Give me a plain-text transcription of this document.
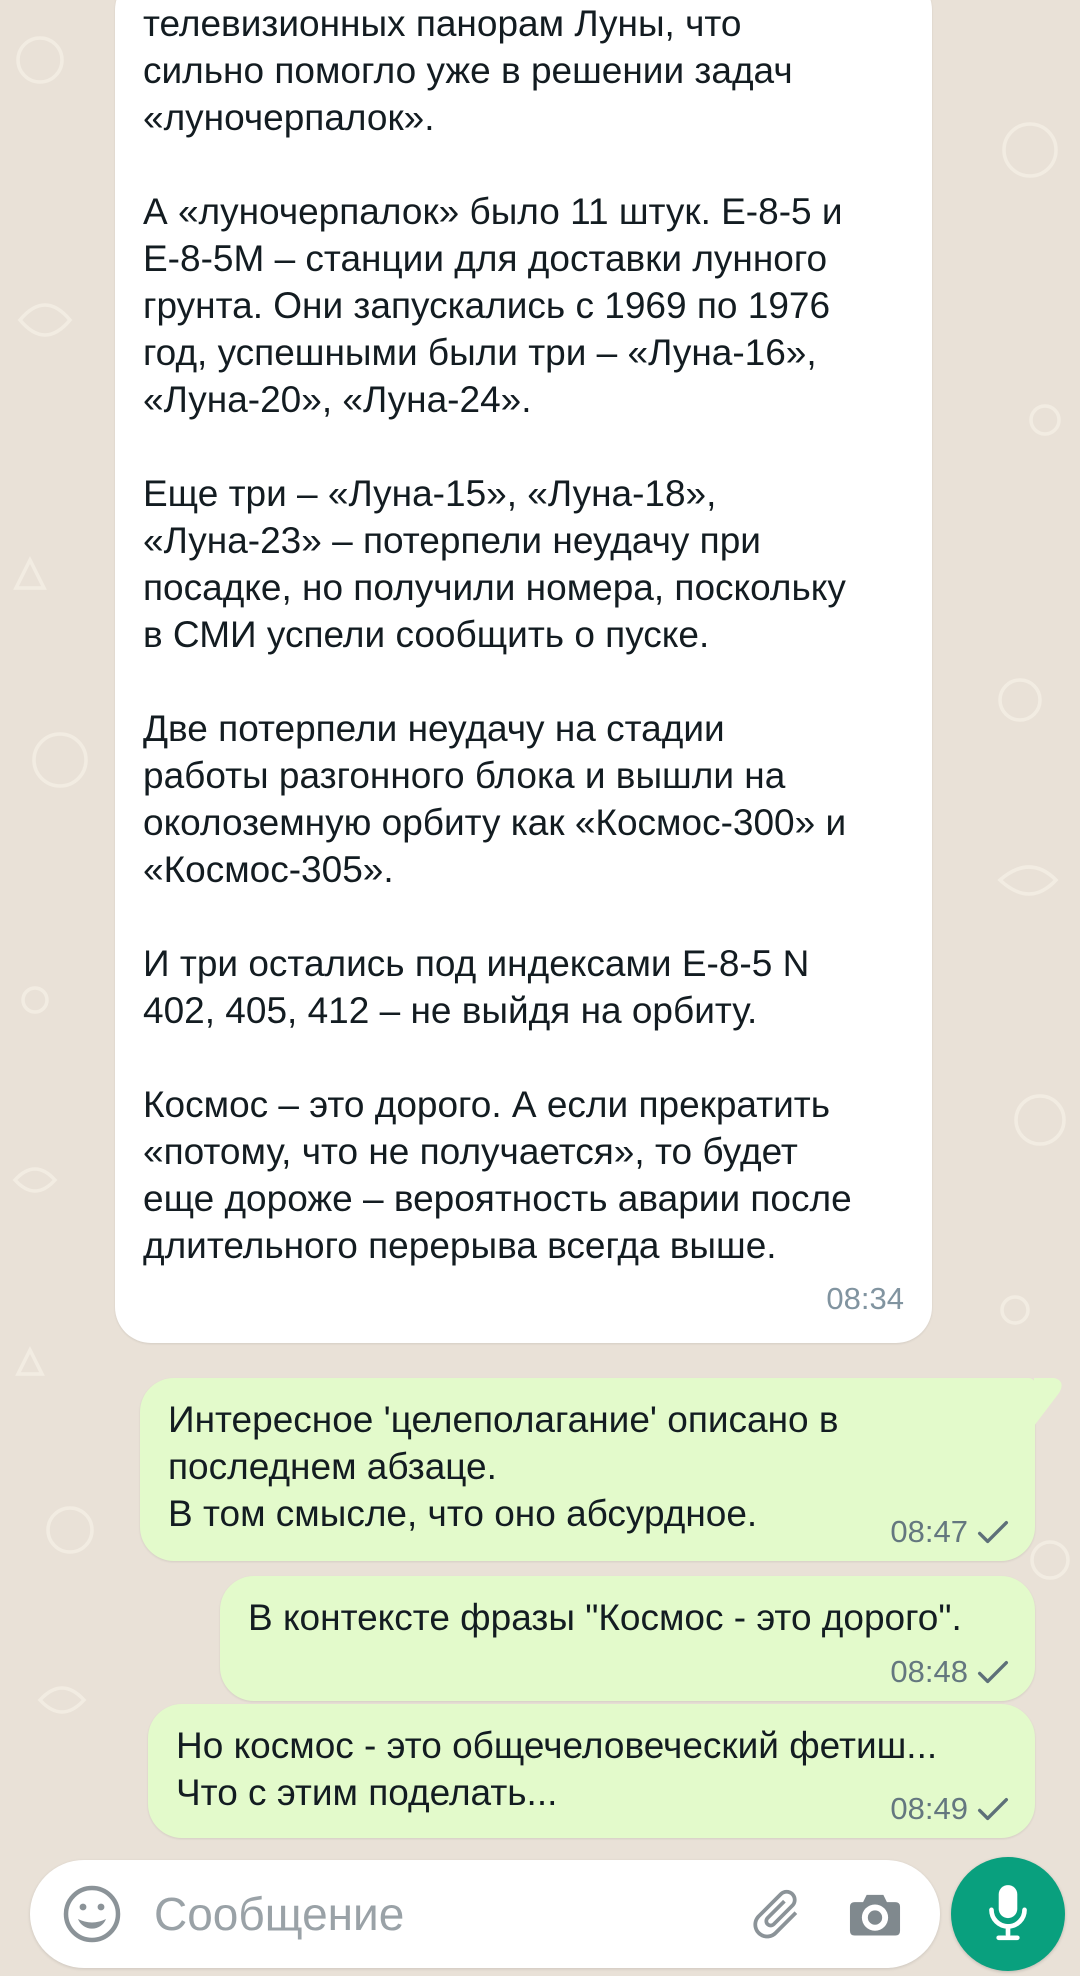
телевизионных панорам Луны, что
сильно помогло уже в решении задач
«луночерпалок».
А «луночерпалок» было 11 штук. Е-8-5 и
Е-8-5М – станции для доставки лунного
грунта. Они запускались с 1969 по 1976
год, успешными были три – «Луна-16»,
«Луна-20», «Луна-24».
Еще три – «Луна-15», «Луна-18»,
«Луна-23» – потерпели неудачу при
посадке, но получили номера, поскольку
в СМИ успели сообщить о пуске.
Две потерпели неудачу на стадии
работы разгонного блока и вышли на
околоземную орбиту как «Космос-300» и
«Космос-305».
И три остались под индексами Е-8-5 N
402, 405, 412 – не выйдя на орбиту.
Космос – это дорого. А если прекратить
«потому, что не получается», то будет
еще дороже – вероятность аварии после
длительного перерыва всегда выше.
08:34
Интересное 'целеполагание' описано в
последнем абзаце.
В том смысле, что оно абсурдное.	08:47
В контексте фразы "Космос - это дорого".
08:48
Но космос - это общечеловеческий фетиш...
Что с этим поделать...	08:49
Сообщение
